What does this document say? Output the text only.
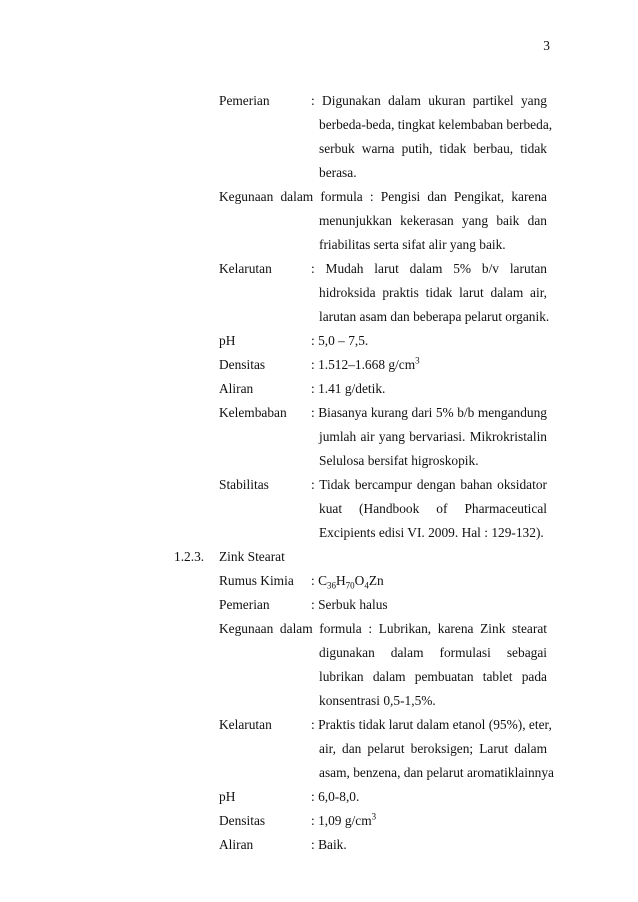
3
Pemerian	: Digunakan dalam ukuran partikel yang
berbeda-beda, tingkat kelembaban berbeda,
serbuk warna putih, tidak berbau, tidak
berasa.
Kegunaan dalam formula : Pengisi dan Pengikat, karena
menunjukkan kekerasan yang baik dan
friabilitas serta sifat alir yang baik.
Kelarutan	: Mudah larut dalam 5% b/v larutan
hidroksida praktis tidak larut dalam air,
larutan asam dan beberapa pelarut organik.
pH	: 5,0 – 7,5.
Densitas	: 1.512–1.668 $g/cm^3$
Aliran	: 1.41 g/detik.
Kelembaban : Biasanya kurang dari 5% b/b mengandung
jumlah air yang bervariasi. Mikrokristalin
Selulosa bersifat higroskopik.
Stabilitas	: Tidak bercampur dengan bahan oksidator
kuat (Handbook of Pharmaceutical
Excipients edisi VI. 2009. Hal : 129-132).
1.2.3. Zink Stearat
Rumus Kimia : $C_{36}H_{70}O_4Zn$
Pemerian	: Serbuk halus
Kegunaan dalam formula : Lubrikan, karena Zink stearat
digunakan dalam formulasi sebagai
lubrikan dalam pembuatan tablet pada
konsentrasi 0,5-1,5%.
Kelarutan	: Praktis tidak larut dalam etanol (95%), eter,
air, dan pelarut beroksigen; Larut dalam
asam, benzena, dan pelarut aromatiklainnya
pH	: 6,0-8,0.
Densitas	: 1,09 $g/cm^3$
Aliran	: Baik.
